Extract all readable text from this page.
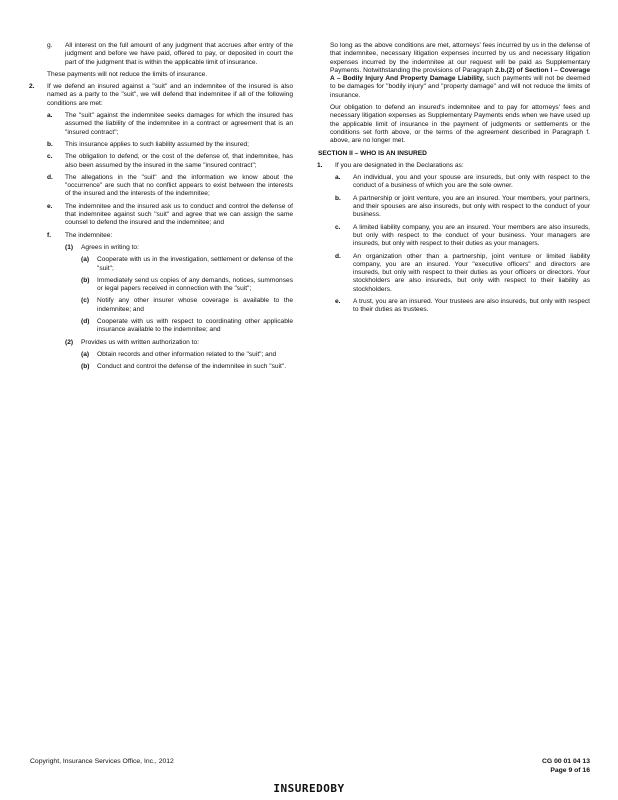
g.	All interest on the full amount of any judgment that accrues after entry of the judgment and before we have paid, offered to pay, or deposited in court the part of the judgment that is within the applicable limit of insurance.
These payments will not reduce the limits of insurance.
2.	If we defend an insured against a "suit" and an indemnitee of the insured is also named as a party to the "suit", we will defend that indemnitee if all of the following conditions are met:
a.	The "suit" against the indemnitee seeks damages for which the insured has assumed the liability of the indemnitee in a contract or agreement that is an "insured contract";
b.	This insurance applies to such liability assumed by the insured;
c.	The obligation to defend, or the cost of the defense of, that indemnitee, has also been assumed by the insured in the same "insured contract";
d.	The allegations in the "suit" and the information we know about the "occurrence" are such that no conflict appears to exist between the interests of the insured and the interests of the indemnitee;
e.	The indemnitee and the insured ask us to conduct and control the defense of that indemnitee against such "suit" and agree that we can assign the same counsel to defend the insured and the indemnitee; and
f.	The indemnitee:
(1)	Agrees in writing to:
(a)	Cooperate with us in the investigation, settlement or defense of the "suit";
(b)	Immediately send us copies of any demands, notices, summonses or legal papers received in connection with the "suit";
(c)	Notify any other insurer whose coverage is available to the indemnitee; and
(d)	Cooperate with us with respect to coordinating other applicable insurance available to the indemnitee; and
(2)	Provides us with written authorization to:
(a)	Obtain records and other information related to the "suit"; and
(b)	Conduct and control the defense of the indemnitee in such "suit".
So long as the above conditions are met, attorneys' fees incurred by us in the defense of that indemnitee, necessary litigation expenses incurred by us and necessary litigation expenses incurred by the indemnitee at our request will be paid as Supplementary Payments. Notwithstanding the provisions of Paragraph 2.b.(2) of Section I – Coverage A – Bodily Injury And Property Damage Liability, such payments will not be deemed to be damages for "bodily injury" and "property damage" and will not reduce the limits of insurance.
Our obligation to defend an insured's indemnitee and to pay for attorneys' fees and necessary litigation expenses as Supplementary Payments ends when we have used up the applicable limit of insurance in the payment of judgments or settlements or the conditions set forth above, or the terms of the agreement described in Paragraph f. above, are no longer met.
SECTION II – WHO IS AN INSURED
1.	If you are designated in the Declarations as:
a.	An individual, you and your spouse are insureds, but only with respect to the conduct of a business of which you are the sole owner.
b.	A partnership or joint venture, you are an insured. Your members, your partners, and their spouses are also insureds, but only with respect to the conduct of your business.
c.	A limited liability company, you are an insured. Your members are also insureds, but only with respect to the conduct of your business. Your managers are insureds, but only with respect to their duties as your managers.
d.	An organization other than a partnership, joint venture or limited liability company, you are an insured. Your "executive officers" and directors are insureds, but only with respect to their duties as your officers or directors. Your stockholders are also insureds, but only with respect to their liability as stockholders.
e.	A trust, you are an insured. Your trustees are also insureds, but only with respect to their duties as trustees.
Copyright, Insurance Services Office, Inc., 2012	CG 00 01 04 13
Page 9 of 16
INSUREDOBY
